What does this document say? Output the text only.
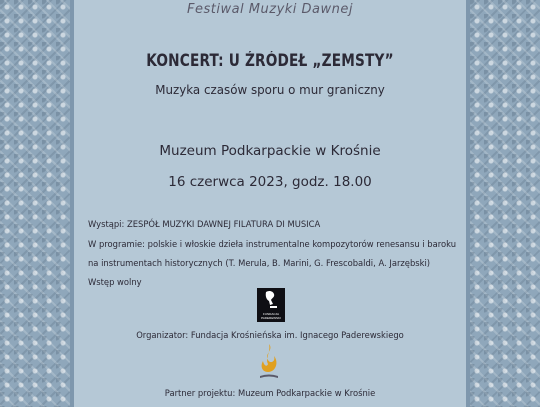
Festiwal Muzyki Dawnej
KONCERT: U ŹRÓDEŁ „ZEMSTY”
Muzyka czasów sporu o mur graniczny
Muzeum Podkarpackie w Krośnie
16 czerwca 2023, godz. 18.00
Wystąpi: ZESPÓŁ MUZYKI DAWNEJ FILATURA DI MUSICA
W programie: polskie i włoskie dzieła instrumentalne kompozytorów renesansu i baroku
na instrumentach historycznych (T. Merula, B. Marini, G. Frescobaldi, A. Jarzębski)
Wstęp wolny
FUNDACJA PADEREWSKI
Organizator: Fundacja Krośnieńska im. Ignacego Paderewskiego
Partner projektu: Muzeum Podkarpackie w Krośnie
